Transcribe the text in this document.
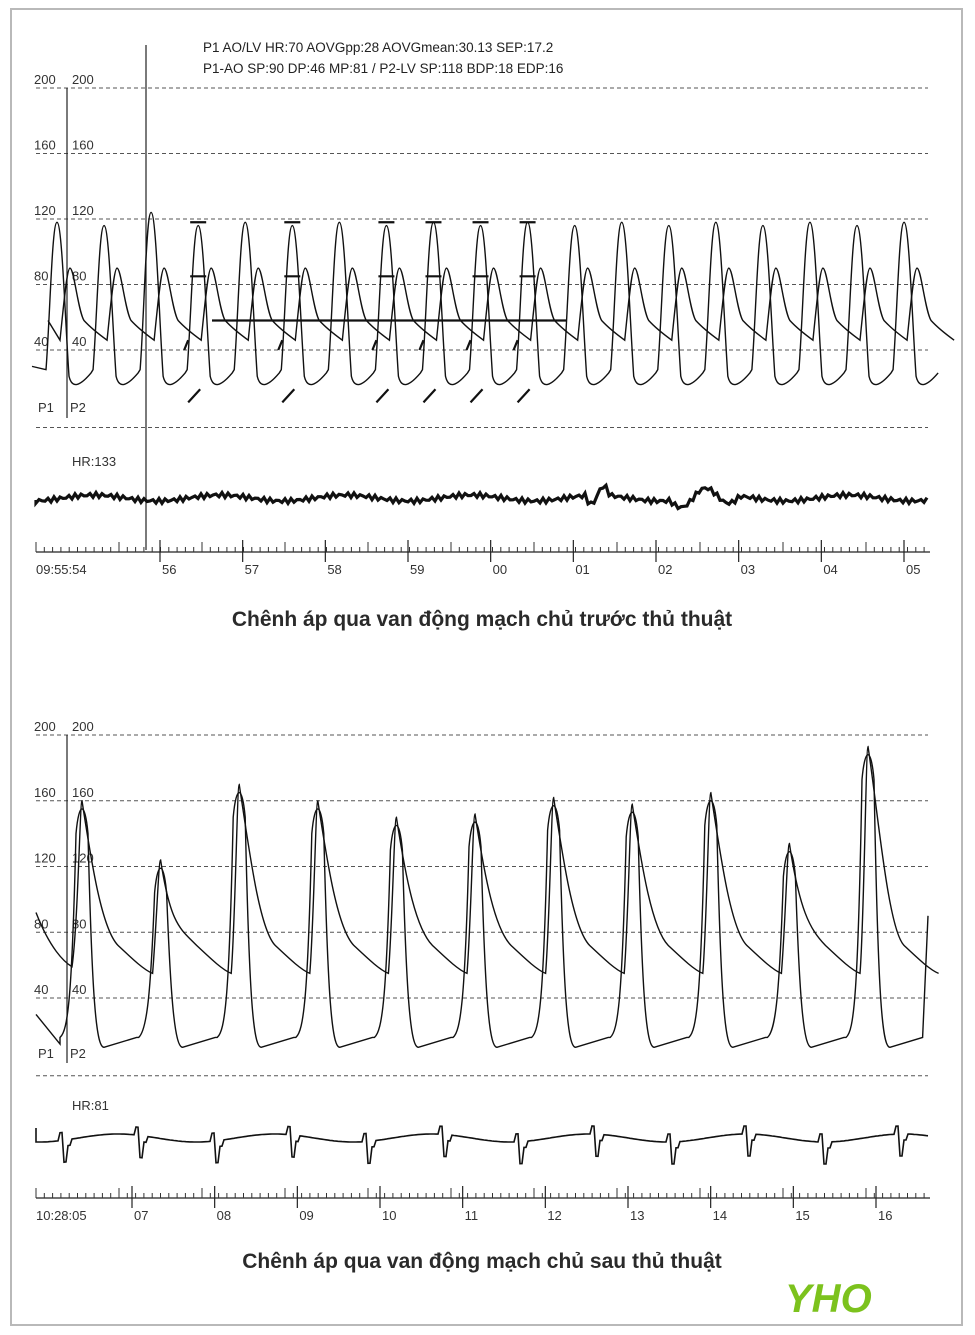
P1 AO/LV HR:70 AOVGpp:28 AOVGmean:30.13 SEP:17.2
P1-AO SP:90 DP:46 MP:81 / P2-LV SP:118 BDP:18 EDP:16
200 200
160 160
120 120
80 80
40 40
P1 P2
HR:133
56	57	58	59	00	01	02	03	04	05
09:55:54
Chênh áp qua van động mạch chủ trước thủ thuật
200 200
160 160
120 120
80 80
40 40
P1 P2
HR:81
07	08	09	10	11	12	13	14	15	16
10:28:05
Chênh áp qua van động mạch chủ sau thủ thuật
YHO
